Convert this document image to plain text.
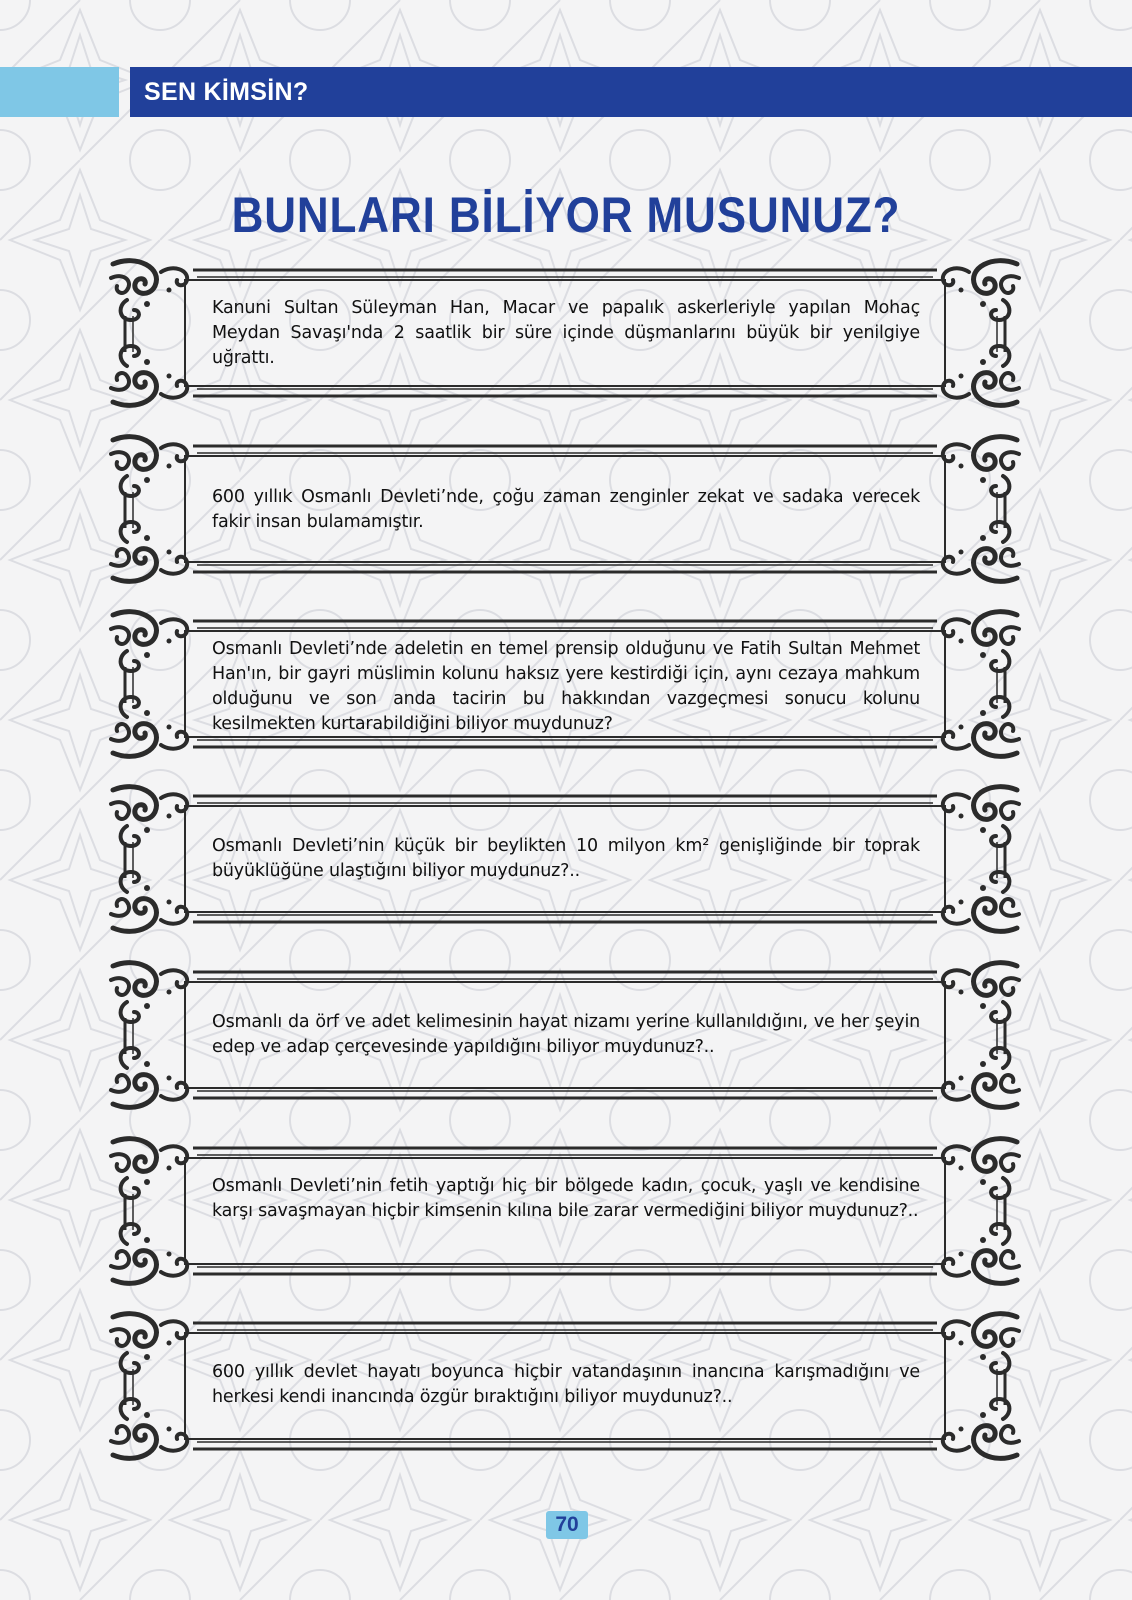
SEN KİMSİN?
BUNLARI BİLİYOR MUSUNUZ?
Kanuni Sultan Süleyman Han, Macar ve papalık askerleriyle yapılan Mohaç Meydan Savaşı'nda 2 saatlik bir süre içinde düşmanlarını büyük bir yenilgiye uğrattı.
600 yıllık Osmanlı Devleti’nde, çoğu zaman zenginler zekat ve sadaka verecek fakir insan bulamamıştır.
Osmanlı Devleti’nde adeletin en temel prensip olduğunu ve Fatih Sultan Mehmet Han'ın, bir gayri müslimin kolunu haksız yere kestirdiği için, aynı cezaya mahkum olduğunu ve son anda tacirin bu hakkından vazgeçmesi sonucu kolunu kesilmekten kurtarabildiğini biliyor muydunuz?
Osmanlı Devleti’nin küçük bir beylikten 10 milyon km² genişliğinde bir toprak büyüklüğüne ulaştığını biliyor muydunuz?..
Osmanlı da örf ve adet kelimesinin hayat nizamı yerine kullanıldığını, ve her şeyin edep ve adap çerçevesinde yapıldığını biliyor muydunuz?..
Osmanlı Devleti’nin fetih yaptığı hiç bir bölgede kadın, çocuk, yaşlı ve kendisine karşı savaşmayan hiçbir kimsenin kılına bile zarar vermediğini biliyor muydunuz?..
600 yıllık devlet hayatı boyunca hiçbir vatandaşının inancına karışmadığını ve herkesi kendi inancında özgür bıraktığını biliyor muydunuz?..
70
